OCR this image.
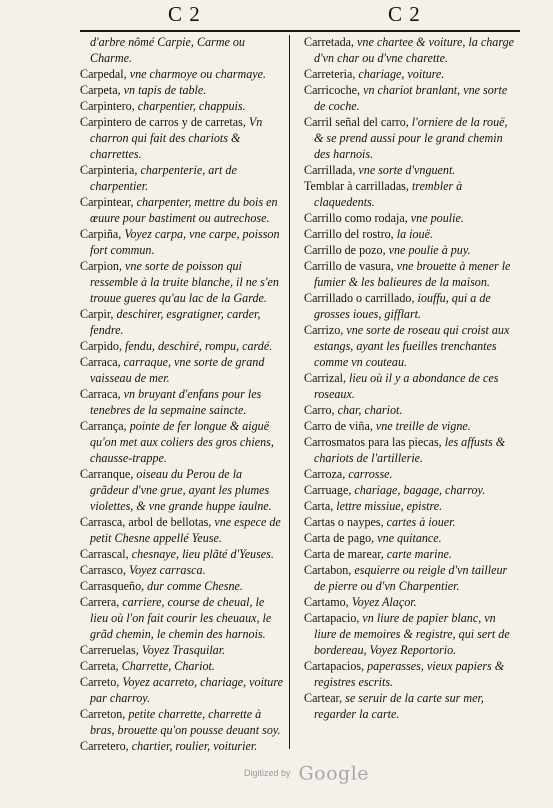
C 2	C 2
d'arbre nômé Carpie, Carme ou Charme.
Carpedal, vne charmoye ou charmaye.
Carpeta, vn tapis de table.
Carpintero, charpentier, chappuis.
Carpintero de carros y de carretas, Vn charron qui fait des chariots & charrettes.
Carpinteria, charpenterie, art de charpentier.
Carpintear, charpenter, mettre du bois en œuure pour bastiment ou autrechose.
Carpiña, Voyez carpa, vne carpe, poisson fort commun.
Carpion, vne sorte de poisson qui ressemble à la truite blanche, il ne s'en trouue gueres qu'au lac de la Garde.
Carpir, deschirer, esgratigner, carder, fendre.
Carpido, fendu, deschiré, rompu, cardé.
Carraca, carraque, vne sorte de grand vaisseau de mer.
Carraca, vn bruyant d'enfans pour les tenebres de la sepmaine saincte.
Carrança, pointe de fer longue & aiguë qu'on met aux coliers des gros chiens, chausse-trappe.
Carranque, oiseau du Perou de la grãdeur d'vne grue, ayant les plumes violettes, & vne grande huppe iaulne.
Carrasca, arbol de bellotas, vne espece de petit Chesne appellé Yeuse.
Carrascal, chesnaye, lieu plãté d'Yeuses.
Carrasco, Voyez carrasca.
Carrasqueño, dur comme Chesne.
Carrera, carriere, course de cheual, le lieu où l'on fait courir les cheuaux, le grãd chemin, le chemin des harnois.
Carreruelas, Voyez Trasquilar.
Carreta, Charrette, Chariot.
Carreto, Voyez acarreto, chariage, voiture par charroy.
Carreton, petite charrette, charrette à bras, brouette qu'on pousse deuant soy.
Carretero, chartier, roulier, voiturier.
Carretada, vne chartee & voiture, la charge d'vn char ou d'vne charette.
Carreteria, chariage, voiture.
Carricoche, vn chariot branlant, vne sorte de coche.
Carril señal del carro, l'orniere de la rouë, & se prend aussi pour le grand chemin des harnois.
Carrillada, vne sorte d'vnguent.
Temblar à carrilladas, trembler à claquedents.
Carrillo como rodaja, vne poulie.
Carrillo del rostro, la iouë.
Carrillo de pozo, vne poulie à puy.
Carrillo de vasura, vne brouette à mener le fumier & les balieures de la maison.
Carrillado o carrillado, iouffu, qui a de grosses ioues, gifflart.
Carrizo, vne sorte de roseau qui croist aux estangs, ayant les fueilles trenchantes comme vn couteau.
Carrizal, lieu où il y a abondance de ces roseaux.
Carro, char, chariot.
Carro de viña, vne treille de vigne.
Carrosmatos para las piecas, les affusts & chariots de l'artillerie.
Carroza, carrosse.
Carruage, chariage, bagage, charroy.
Carta, lettre missiue, epistre.
Cartas o naypes, cartes à iouer.
Carta de pago, vne quitance.
Carta de marear, carte marine.
Cartabon, esquierre ou reigle d'vn tailleur de pierre ou d'vn Charpentier.
Cartamo, Voyez Alaçor.
Cartapacio, vn liure de papier blanc, vn liure de memoires & registre, qui sert de bordereau, Voyez Reportorio.
Cartapacios, paperasses, vieux papiers & registres escrits.
Cartear, se seruir de la carte sur mer, regarder la carte.
Digitized by Google
